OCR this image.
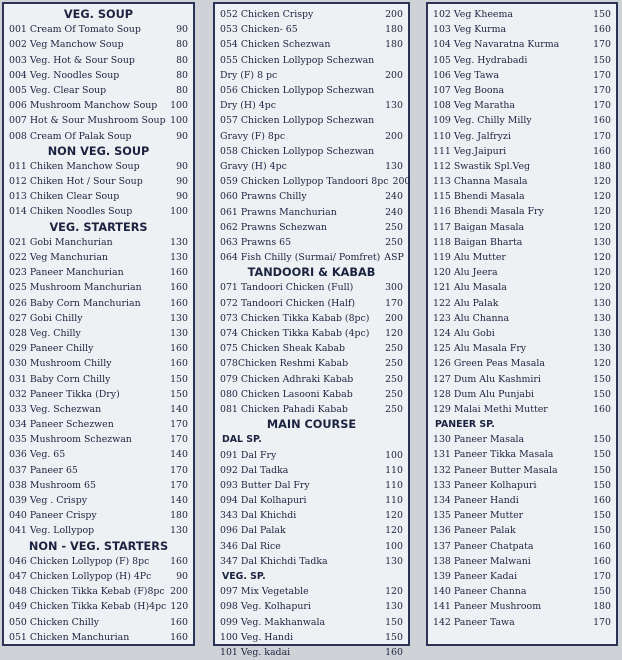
VEG. SOUP
001 Cream Of Tomato Soup	90
002 Veg Manchow Soup	80
003 Veg. Hot & Sour Soup	80
004 Veg. Noodles Soup	80
005 Veg. Clear Soup	80
006 Mushroom Manchow Soup	100
007 Hot & Sour Mushroom Soup 100
008 Cream Of Palak Soup	90
NON VEG. SOUP
011 Chiken Manchow Soup	90
012 Chiken Hot / Sour Soup	90
013 Chiken Clear Soup	90
014 Chiken Noodles Soup	100
VEG. STARTERS
021 Gobi Manchurian	130
022 Veg Manchurian	130
023 Paneer Manchurian	160
025 Mushroom Manchurian	160
026 Baby Corn Manchurian	160
027 Gobi Chilly	130
028 Veg. Chilly	130
029 Paneer Chilly	160
030 Mushroom Chilly	160
031 Baby Corn Chilly	150
032 Paneer Tikka (Dry)	150
033 Veg. Schezwan	140
034 Paneer Schezwen	170
035 Mushroom Schezwan	170
036 Veg. 65	140
037 Paneer 65	170
038 Mushroom 65	170
039 Veg . Crispy	140
040 Paneer Crispy	180
041 Veg. Lollypop	130
NON - VEG. STARTERS
046 Chicken Lollypop (F) 8pc	160
047 Chicken Lollypop (H) 4Pc	90
048 Chicken Tikka Kebab (F)8pc 200
049 Chicken Tikka Kebab (H)4pc 120
050 Chicken Chilly	160
051 Chicken Manchurian	160
052 Chicken Crispy	200
053 Chicken- 65	180
054 Chicken Schezwan	180
055 Chicken Lollypop Schezwan
Dry (F) 8 pc	200
056 Chicken Lollypop Schezwan
Dry (H) 4pc	130
057 Chicken Lollypop Schezwan
Gravy (F) 8pc	200
058 Chicken Lollypop Schezwan
Gravy (H) 4pc	130
059 Chicken Lollypop Tandoori 8pc 200
060 Prawns Chilly	240
061 Prawns Manchurian	240
062 Prawns Schezwan	250
063 Prawns 65	250
064 Fish Chilly (Surmai/ Pomfret) ASP
TANDOORI & KABAB
071 Tandoori Chicken (Full)	300
072 Tandoori Chicken (Half)	170
073 Chicken Tikka Kabab (8pc)	200
074 Chicken Tikka Kabab (4pc)	120
075 Chicken Sheak Kabab	250
078Chicken Reshmi Kabab	250
079 Chicken Adhraki Kabab	250
080 Chicken Lasooni Kabab	250
081 Chicken Pahadi Kabab	250
MAIN COURSE
DAL SP.
091 Dal Fry	100
092 Dal Tadka	110
093 Butter Dal Fry	110
094 Dal Kolhapuri	110
343 Dal Khichdi	120
096 Dal Palak	120
346 Dal Rice	100
347 Dal Khichdi Tadka	130
VEG. SP.
097 Mix Vegetable	120
098 Veg. Kolhapuri	130
099 Veg. Makhanwala	150
100 Veg. Handi	150
101 Veg. kadai	160
102 Veg Kheema	150
103 Veg Kurma	160
104 Veg Navaratna Kurma	170
105 Veg. Hydrabadi	150
106 Veg Tawa	170
107 Veg Boona	170
108 Veg Maratha	170
109 Veg. Chilly Milly	160
110 Veg. Jalfryzi	170
111 Veg.Jaipuri	160
112 Swastik Spl.Veg	180
113 Channa Masala	120
115 Bhendi Masala	120
116 Bhendi Masala Fry	120
117 Baigan Masala	120
118 Baigan Bharta	130
119 Alu Mutter	120
120 Alu Jeera	120
121 Alu Masala	120
122 Alu Palak	130
123 Alu Channa	130
124 Alu Gobi	130
125 Alu Masala Fry	130
126 Green Peas Masala	120
127 Dum Alu Kashmiri	150
128 Dum Alu Punjabi	150
129 Malai Methi Mutter	160
PANEER SP.
130 Paneer Masala	150
131 Paneer Tikka Masala	150
132 Paneer Butter Masala	150
133 Paneer Kolhapuri	150
134 Paneer Handi	160
135 Paneer Mutter	150
136 Paneer Palak	150
137 Paneer Chatpata	160
138 Paneer Malwani	160
139 Paneer Kadai	170
140 Paneer Channa	150
141 Paneer Mushroom	180
142 Paneer Tawa	170
